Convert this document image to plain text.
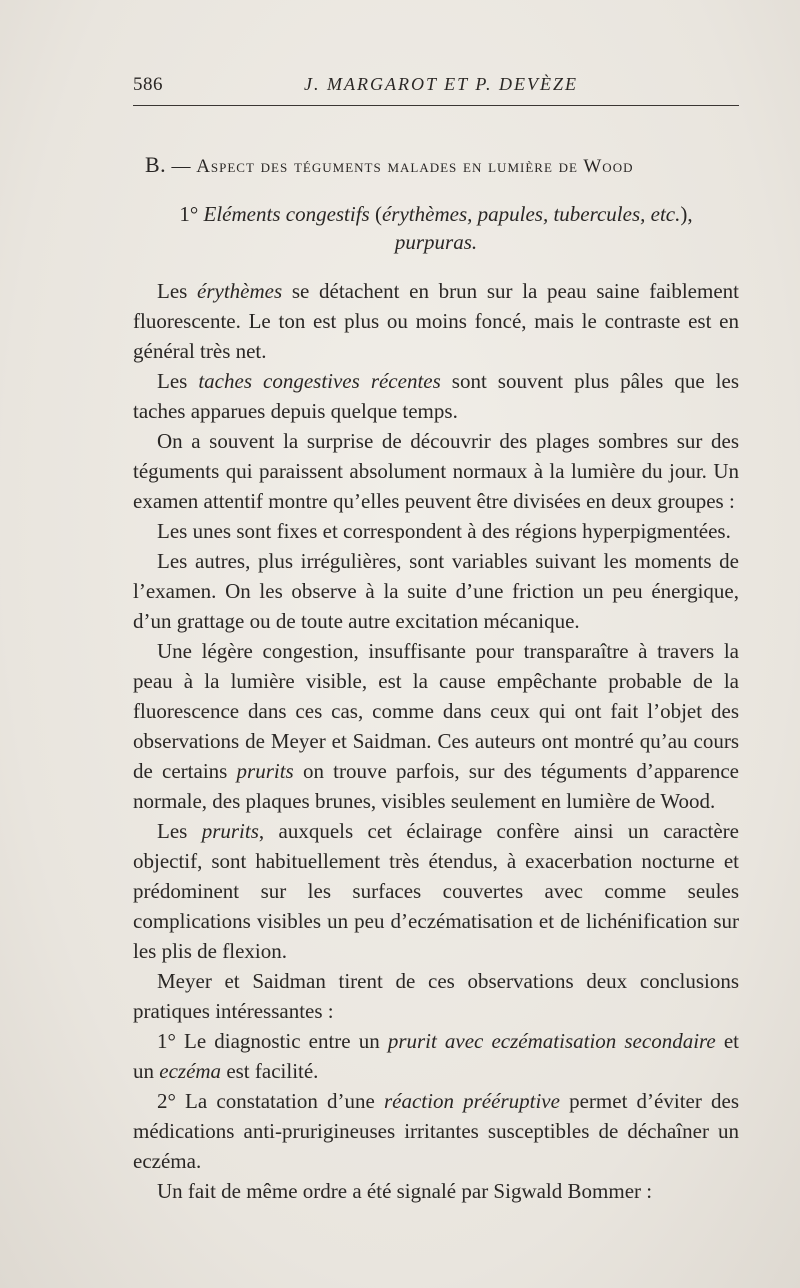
586	J. MARGAROT ET P. DEVÈZE
B. — Aspect des téguments malades en lumière de Wood
1° Eléments congestifs (érythèmes, papules, tubercules, etc.),
purpuras.

Les érythèmes se détachent en brun sur la peau saine faiblement fluorescente. Le ton est plus ou moins foncé, mais le contraste est en général très net.

Les taches congestives récentes sont souvent plus pâles que les taches apparues depuis quelque temps.

On a souvent la surprise de découvrir des plages sombres sur des téguments qui paraissent absolument normaux à la lumière du jour. Un examen attentif montre qu’elles peuvent être divisées en deux groupes :

Les unes sont fixes et correspondent à des régions hyperpigmentées.

Les autres, plus irrégulières, sont variables suivant les moments de l’examen. On les observe à la suite d’une friction un peu énergique, d’un grattage ou de toute autre excitation mécanique.

Une légère congestion, insuffisante pour transparaître à travers la peau à la lumière visible, est la cause empêchante probable de la fluorescence dans ces cas, comme dans ceux qui ont fait l’objet des observations de Meyer et Saidman. Ces auteurs ont montré qu’au cours de certains prurits on trouve parfois, sur des téguments d’apparence normale, des plaques brunes, visibles seulement en lumière de Wood.

Les prurits, auxquels cet éclairage confère ainsi un caractère objectif, sont habituellement très étendus, à exacerbation nocturne et prédominent sur les surfaces couvertes avec comme seules complications visibles un peu d’eczématisation et de lichénification sur les plis de flexion.

Meyer et Saidman tirent de ces observations deux conclusions pratiques intéressantes :

1° Le diagnostic entre un prurit avec eczématisation secondaire et un eczéma est facilité.

2° La constatation d’une réaction prééruptive permet d’éviter des médications anti-prurigineuses irritantes susceptibles de déchaîner un eczéma.

Un fait de même ordre a été signalé par Sigwald Bommer :
